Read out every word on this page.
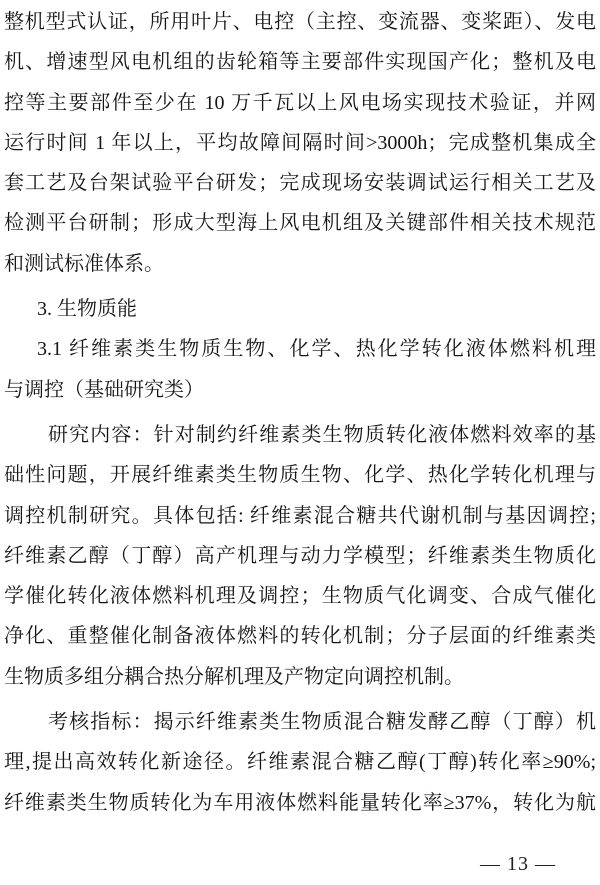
整机型式认证，所用叶片、电控（主控、变流器、变桨距）、发电
机、增速型风电机组的齿轮箱等主要部件实现国产化；整机及电
控等主要部件至少在 10 万千瓦以上风电场实现技术验证，并网
运行时间 1 年以上，平均故障间隔时间>3000h；完成整机集成全
套工艺及台架试验平台研发；完成现场安装调试运行相关工艺及
检测平台研制；形成大型海上风电机组及关键部件相关技术规范
和测试标准体系。
3. 生物质能
3.1 纤维素类生物质生物、化学、热化学转化液体燃料机理
与调控（基础研究类）
研究内容：针对制约纤维素类生物质转化液体燃料效率的基
础性问题，开展纤维素类生物质生物、化学、热化学转化机理与
调控机制研究。具体包括: 纤维素混合糖共代谢机制与基因调控;
纤维素乙醇（丁醇）高产机理与动力学模型；纤维素类生物质化
学催化转化液体燃料机理及调控；生物质气化调变、合成气催化
净化、重整催化制备液体燃料的转化机制；分子层面的纤维素类
生物质多组分耦合热分解机理及产物定向调控机制。
考核指标：揭示纤维素类生物质混合糖发酵乙醇（丁醇）机
理,提出高效转化新途径。纤维素混合糖乙醇(丁醇)转化率≥90%;
纤维素类生物质转化为车用液体燃料能量转化率≥37%，转化为航
— 13 —
